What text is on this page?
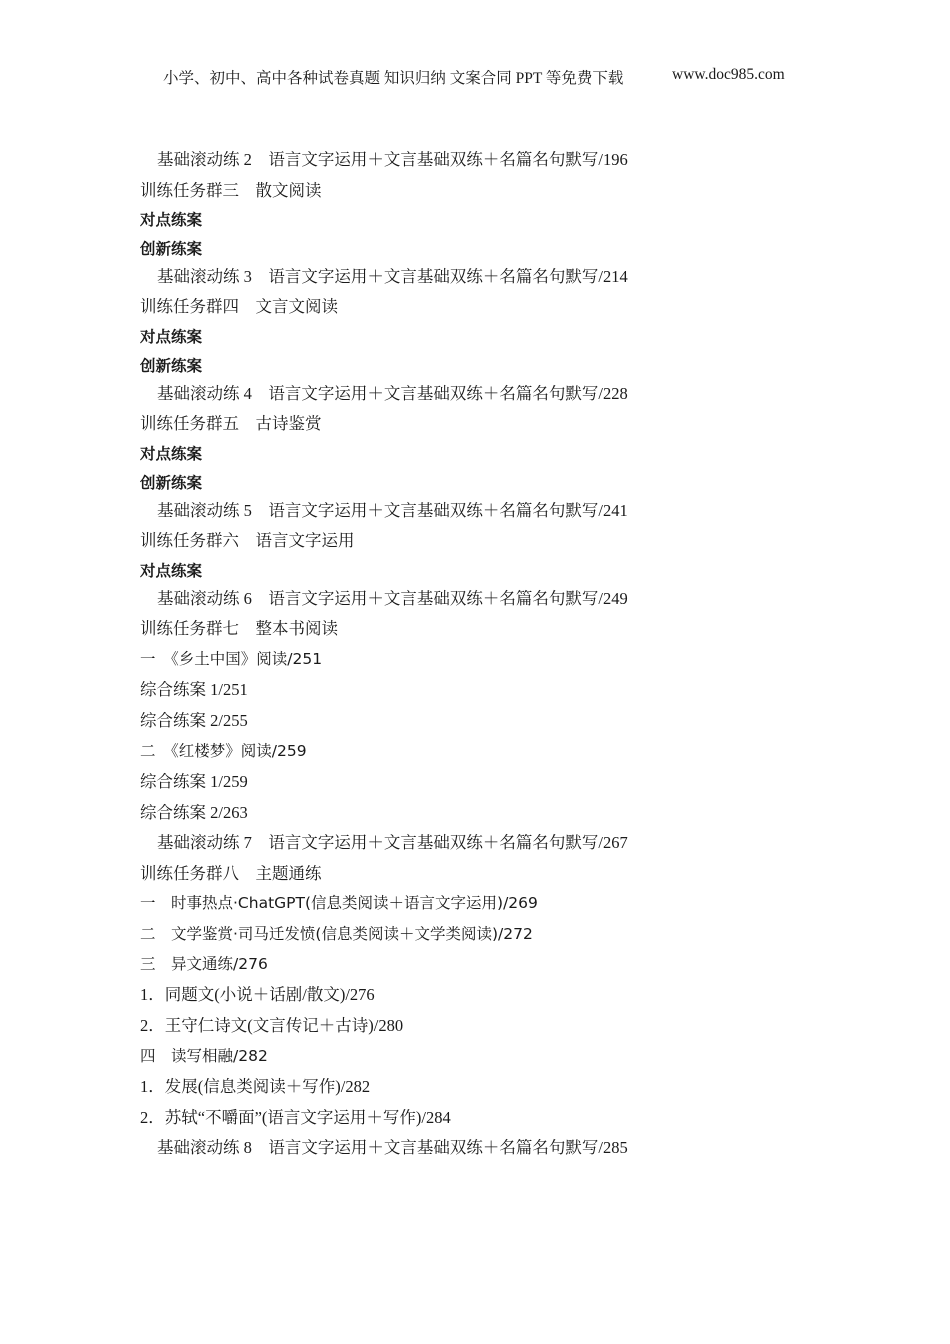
小学、初中、高中各种试卷真题 知识归纳 文案合同 PPT 等免费下载	www.doc985.com
基础滚动练 2　语言文字运用＋文言基础双练＋名篇名句默写/196
训练任务群三　散文阅读
对点练案
创新练案
基础滚动练 3　语言文字运用＋文言基础双练＋名篇名句默写/214
训练任务群四　文言文阅读
对点练案
创新练案
基础滚动练 4　语言文字运用＋文言基础双练＋名篇名句默写/228
训练任务群五　古诗鉴赏
对点练案
创新练案
基础滚动练 5　语言文字运用＋文言基础双练＋名篇名句默写/241
训练任务群六　语言文字运用
对点练案
基础滚动练 6　语言文字运用＋文言基础双练＋名篇名句默写/249
训练任务群七　整本书阅读
一　《乡土中国》阅读/251
综合练案 1/251
综合练案 2/255
二　《红楼梦》阅读/259
综合练案 1/259
综合练案 2/263
基础滚动练 7　语言文字运用＋文言基础双练＋名篇名句默写/267
训练任务群八　主题通练
一　时事热点·ChatGPT(信息类阅读＋语言文字运用)/269
二　文学鉴赏·司马迁发愤(信息类阅读＋文学类阅读)/272
三　异文通练/276
1．同题文(小说＋话剧/散文)/276
2．王守仁诗文(文言传记＋古诗)/280
四　读写相融/282
1．发展(信息类阅读＋写作)/282
2．苏轼“不嚼面”(语言文字运用＋写作)/284
基础滚动练 8　语言文字运用＋文言基础双练＋名篇名句默写/285
